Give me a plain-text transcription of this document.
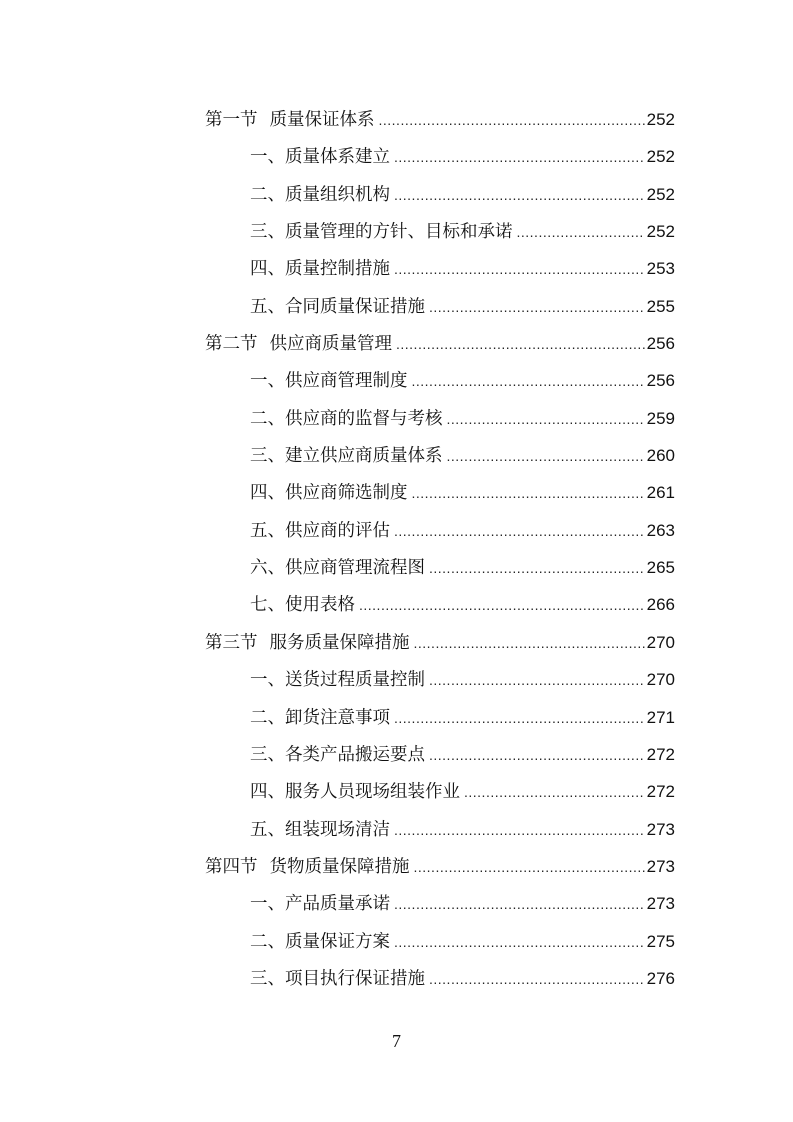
第一节 质量保证体系 .....	252
一、质量体系建立 .....	252
二、质量组织机构 .....	252
三、质量管理的方针、目标和承诺 .....	252
四、质量控制措施 .....	253
五、合同质量保证措施 .....	255
第二节 供应商质量管理 .....	256
一、供应商管理制度 .....	256
二、供应商的监督与考核 .....	259
三、建立供应商质量体系 .....	260
四、供应商筛选制度 .....	261
五、供应商的评估 .....	263
六、供应商管理流程图 .....	265
七、使用表格 .....	266
第三节 服务质量保障措施 .....	270
一、送货过程质量控制 .....	270
二、卸货注意事项 .....	271
三、各类产品搬运要点 .....	272
四、服务人员现场组装作业 .....	272
五、组装现场清洁 .....	273
第四节 货物质量保障措施 .....	273
一、产品质量承诺 .....	273
二、质量保证方案 .....	275
三、项目执行保证措施 .....	276
7
